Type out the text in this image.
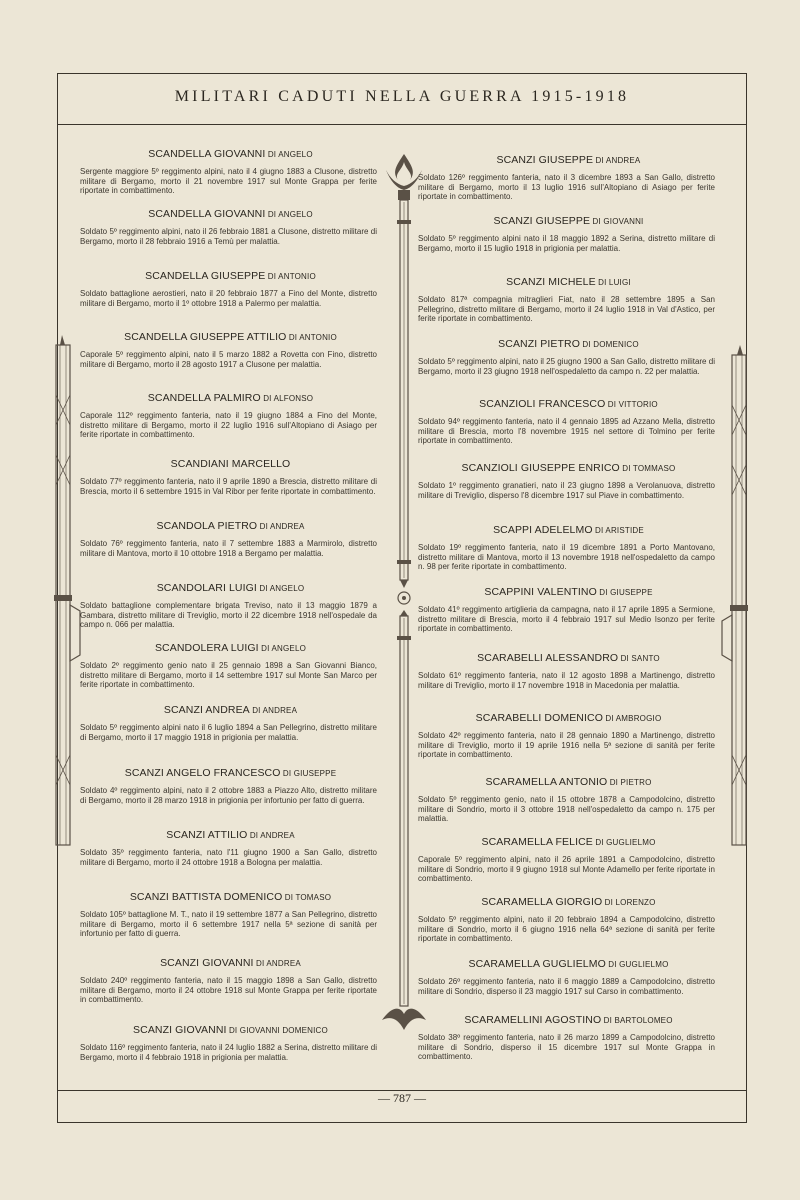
MILITARI CADUTI NELLA GUERRA 1915-1918
SCANDELLA GIOVANNI DI ANGELO
Sergente maggiore 5º reggimento alpini, nato il 4 giugno 1883 a Clusone, distretto militare di Bergamo, morto il 21 novembre 1917 sul Monte Grappa per ferite riportate in combattimento.
SCANDELLA GIOVANNI DI ANGELO
Soldato 5º reggimento alpini, nato il 26 febbraio 1881 a Clusone, distretto militare di Bergamo, morto il 28 febbraio 1916 a Temù per malattia.
SCANDELLA GIUSEPPE DI ANTONIO
Soldato battaglione aerostieri, nato il 20 febbraio 1877 a Fino del Monte, distretto militare di Bergamo, morto il 1º ottobre 1918 a Palermo per malattia.
SCANDELLA GIUSEPPE ATTILIO DI ANTONIO
Caporale 5º reggimento alpini, nato il 5 marzo 1882 a Rovetta con Fino, distretto militare di Bergamo, morto il 28 agosto 1917 a Clusone per malattia.
SCANDELLA PALMIRO DI ALFONSO
Caporale 112º reggimento fanteria, nato il 19 giugno 1884 a Fino del Monte, distretto militare di Bergamo, morto il 22 luglio 1916 sull'Altopiano di Asiago per ferite riportate in combattimento.
SCANDIANI MARCELLO
Soldato 77º reggimento fanteria, nato il 9 aprile 1890 a Brescia, distretto militare di Brescia, morto il 6 settembre 1915 in Val Ribor per ferite riportate in combattimento.
SCANDOLA PIETRO DI ANDREA
Soldato 76º reggimento fanteria, nato il 7 settembre 1883 a Marmirolo, distretto militare di Mantova, morto il 10 ottobre 1918 a Bergamo per malattia.
SCANDOLARI LUIGI DI ANGELO
Soldato battaglione complementare brigata Treviso, nato il 13 maggio 1879 a Gambara, distretto militare di Treviglio, morto il 22 dicembre 1918 nell'ospedale da campo n. 066 per malattia.
SCANDOLERA LUIGI DI ANGELO
Soldato 2º reggimento genio nato il 25 gennaio 1898 a San Giovanni Bianco, distretto militare di Bergamo, morto il 14 settembre 1917 sul Monte San Marco per ferite riportate in combattimento.
SCANZI ANDREA DI ANDREA
Soldato 5º reggimento alpini nato il 6 luglio 1894 a San Pellegrino, distretto militare di Bergamo, morto il 17 maggio 1918 in prigionia per malattia.
SCANZI ANGELO FRANCESCO DI GIUSEPPE
Soldato 4º reggimento alpini, nato il 2 ottobre 1883 a Piazzo Alto, distretto militare di Bergamo, morto il 28 marzo 1918 in prigionia per infortunio per fatto di guerra.
SCANZI ATTILIO DI ANDREA
Soldato 35º reggimento fanteria, nato l'11 giugno 1900 a San Gallo, distretto militare di Bergamo, morto il 24 ottobre 1918 a Bologna per malattia.
SCANZI BATTISTA DOMENICO DI TOMASO
Soldato 105º battaglione M. T., nato il 19 settembre 1877 a San Pellegrino, distretto militare di Bergamo, morto il 6 settembre 1917 nella 5ª sezione di sanità per infortunio per fatto di guerra.
SCANZI GIOVANNI DI ANDREA
Soldato 240º reggimento fanteria, nato il 15 maggio 1898 a San Gallo, distretto militare di Bergamo, morto il 24 ottobre 1918 sul Monte Grappa per ferite riportate in combattimento.
SCANZI GIOVANNI DI GIOVANNI DOMENICO
Soldato 116º reggimento fanteria, nato il 24 luglio 1882 a Serina, distretto militare di Bergamo, morto il 4 febbraio 1918 in prigionia per malattia.
SCANZI GIUSEPPE DI ANDREA
Soldato 126º reggimento fanteria, nato il 3 dicembre 1893 a San Gallo, distretto militare di Bergamo, morto il 13 luglio 1916 sull'Altopiano di Asiago per ferite riportate in combattimento.
SCANZI GIUSEPPE DI GIOVANNI
Soldato 5º reggimento alpini nato il 18 maggio 1892 a Serina, distretto militare di Bergamo, morto il 15 luglio 1918 in prigionia per malattia.
SCANZI MICHELE DI LUIGI
Soldato 817ª compagnia mitraglieri Fiat, nato il 28 settembre 1895 a San Pellegrino, distretto militare di Bergamo, morto il 24 luglio 1918 in Val d'Astico, per ferite riportate in combattimento.
SCANZI PIETRO DI DOMENICO
Soldato 5º reggimento alpini, nato il 25 giugno 1900 a San Gallo, distretto militare di Bergamo, morto il 23 giugno 1918 nell'ospedaletto da campo n. 22 per malattia.
SCANZIOLI FRANCESCO DI VITTORIO
Soldato 94º reggimento fanteria, nato il 4 gennaio 1895 ad Azzano Mella, distretto militare di Brescia, morto l'8 novembre 1915 nel settore di Tolmino per ferite riportate in combattimento.
SCANZIOLI GIUSEPPE ENRICO DI TOMMASO
Soldato 1º reggimento granatieri, nato il 23 giugno 1898 a Verolanuova, distretto militare di Treviglio, disperso l'8 dicembre 1917 sul Piave in combattimento.
SCAPPI ADELELMO DI ARISTIDE
Soldato 19º reggimento fanteria, nato il 19 dicembre 1891 a Porto Mantovano, distretto militare di Mantova, morto il 13 novembre 1918 nell'ospedaletto da campo n. 98 per ferite riportate in combattimento.
SCAPPINI VALENTINO DI GIUSEPPE
Soldato 41º reggimento artiglieria da campagna, nato il 17 aprile 1895 a Sermione, distretto militare di Brescia, morto il 4 febbraio 1917 sul Medio Isonzo per ferite riportate in combattimento.
SCARABELLI ALESSANDRO DI SANTO
Soldato 61º reggimento fanteria, nato il 12 agosto 1898 a Martinengo, distretto militare di Treviglio, morto il 17 novembre 1918 in Macedonia per malattia.
SCARABELLI DOMENICO DI AMBROGIO
Soldato 42º reggimento fanteria, nato il 28 gennaio 1890 a Martinengo, distretto militare di Treviglio, morto il 19 aprile 1916 nella 5ª sezione di sanità per ferite riportate in combattimento.
SCARAMELLA ANTONIO DI PIETRO
Soldato 5º reggimento genio, nato il 15 ottobre 1878 a Campodolcino, distretto militare di Sondrio, morto il 3 ottobre 1918 nell'ospedaletto da campo n. 175 per malattia.
SCARAMELLA FELICE DI GUGLIELMO
Caporale 5º reggimento alpini, nato il 26 aprile 1891 a Campodolcino, distretto militare di Sondrio, morto il 9 giugno 1918 sul Monte Adamello per ferite riportate in combattimento.
SCARAMELLA GIORGIO DI LORENZO
Soldato 5º reggimento alpini, nato il 20 febbraio 1894 a Campodolcino, distretto militare di Sondrio, morto il 6 giugno 1916 nella 64ª sezione di sanità per ferite riportate in combattimento.
SCARAMELLA GUGLIELMO DI GUGLIELMO
Soldato 26º reggimento fanteria, nato il 6 maggio 1889 a Campodolcino, distretto militare di Sondrio, disperso il 23 maggio 1917 sul Carso in combattimento.
SCARAMELLINI AGOSTINO DI BARTOLOMEO
Soldato 38º reggimento fanteria, nato il 26 marzo 1899 a Campodolcino, distretto militare di Sondrio, disperso il 15 dicembre 1917 sul Monte Grappa in combattimento.
— 787 —
